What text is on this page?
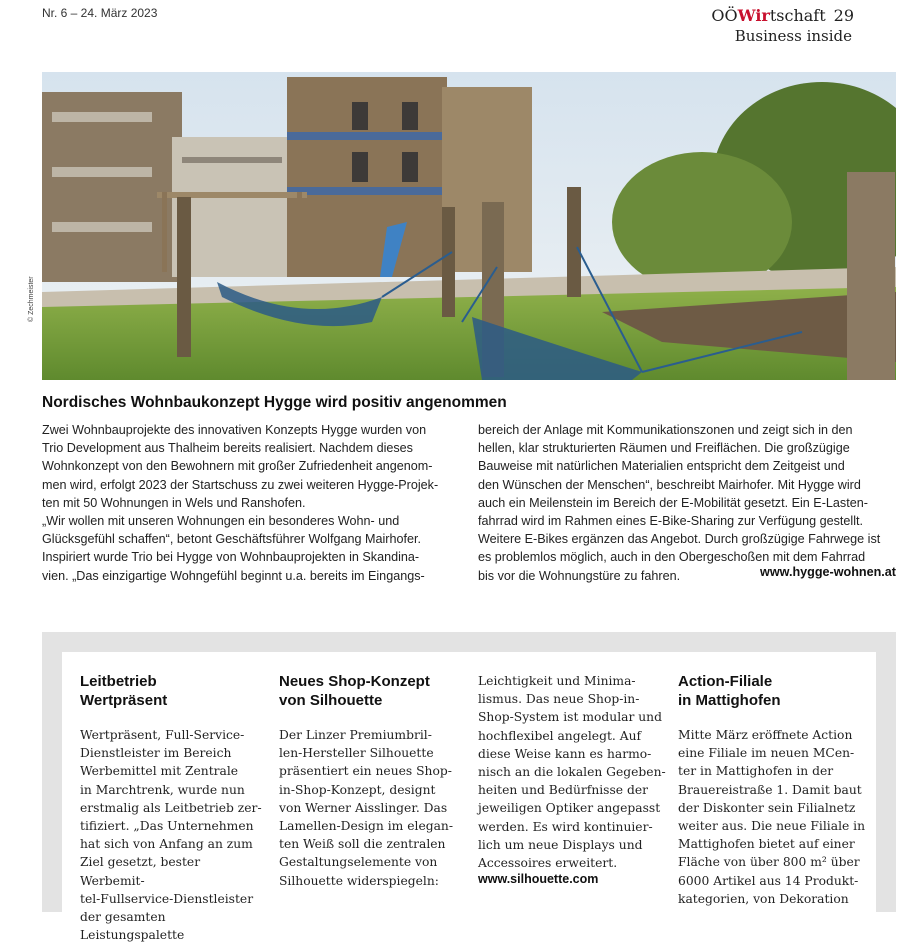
Nr. 6 – 24. März 2023	OÖWirtschaft 29
Business inside
© Zechmeister
Nordisches Wohnbaukonzept Hygge wird positiv angenommen
Zwei Wohnbauprojekte des innovativen Konzepts Hygge wurden von
Trio Development aus Thalheim bereits realisiert. Nachdem dieses
Wohnkonzept von den Bewohnern mit großer Zufriedenheit angenom-
men wird, erfolgt 2023 der Startschuss zu zwei weiteren Hygge-Projek-
ten mit 50 Wohnungen in Wels und Ranshofen.
„Wir wollen mit unseren Wohnungen ein besonderes Wohn- und
Glücksgefühl schaffen“, betont Geschäftsführer Wolfgang Mairhofer.
Inspiriert wurde Trio bei Hygge von Wohnbauprojekten in Skandina-
vien. „Das einzigartige Wohngefühl beginnt u.a. bereits im Eingangs-
bereich der Anlage mit Kommunikationszonen und zeigt sich in den
hellen, klar strukturierten Räumen und Freiflächen. Die großzügige
Bauweise mit natürlichen Materialien entspricht dem Zeitgeist und
den Wünschen der Menschen“, beschreibt Mairhofer. Mit Hygge wird
auch ein Meilenstein im Bereich der E-Mobilität gesetzt. Ein E-Lasten-
fahrrad wird im Rahmen eines E-Bike-Sharing zur Verfügung gestellt.
Weitere E-Bikes ergänzen das Angebot. Durch großzügige Fahrwege ist
es problemlos möglich, auch in den Obergeschoßen mit dem Fahrrad
bis vor die Wohnungstüre zu fahren.	www.hygge-wohnen.at
Leitbetrieb
Wertpräsent
Wertpräsent, Full-Service-
Dienstleister im Bereich
Werbemittel mit Zentrale
in Marchtrenk, wurde nun
erstmalig als Leitbetrieb zer-
tifiziert. „Das Unternehmen
hat sich von Anfang an zum
Ziel gesetzt, bester Werbemit-
tel-Fullservice-Dienstleister
der gesamten Leistungspalette
Neues Shop-Konzept
von Silhouette
Der Linzer Premiumbril-
len-Hersteller Silhouette
präsentiert ein neues Shop-
in-Shop-Konzept, designt
von Werner Aisslinger. Das
Lamellen-Design im elegan-
ten Weiß soll die zentralen
Gestaltungselemente von
Silhouette widerspiegeln:
Leichtigkeit und Minima-
lismus. Das neue Shop-in-
Shop-System ist modular und
hochflexibel angelegt. Auf
diese Weise kann es harmo-
nisch an die lokalen Gegeben-
heiten und Bedürfnisse der
jeweiligen Optiker angepasst
werden. Es wird kontinuier-
lich um neue Displays und
Accessoires erweitert.
www.silhouette.com
Action-Filiale
in Mattighofen
Mitte März eröffnete Action
eine Filiale im neuen MCen-
ter in Mattighofen in der
Brauereistraße 1. Damit baut
der Diskonter sein Filialnetz
weiter aus. Die neue Filiale in
Mattighofen bietet auf einer
Fläche von über 800 m² über
6000 Artikel aus 14 Produkt-
kategorien, von Dekoration
